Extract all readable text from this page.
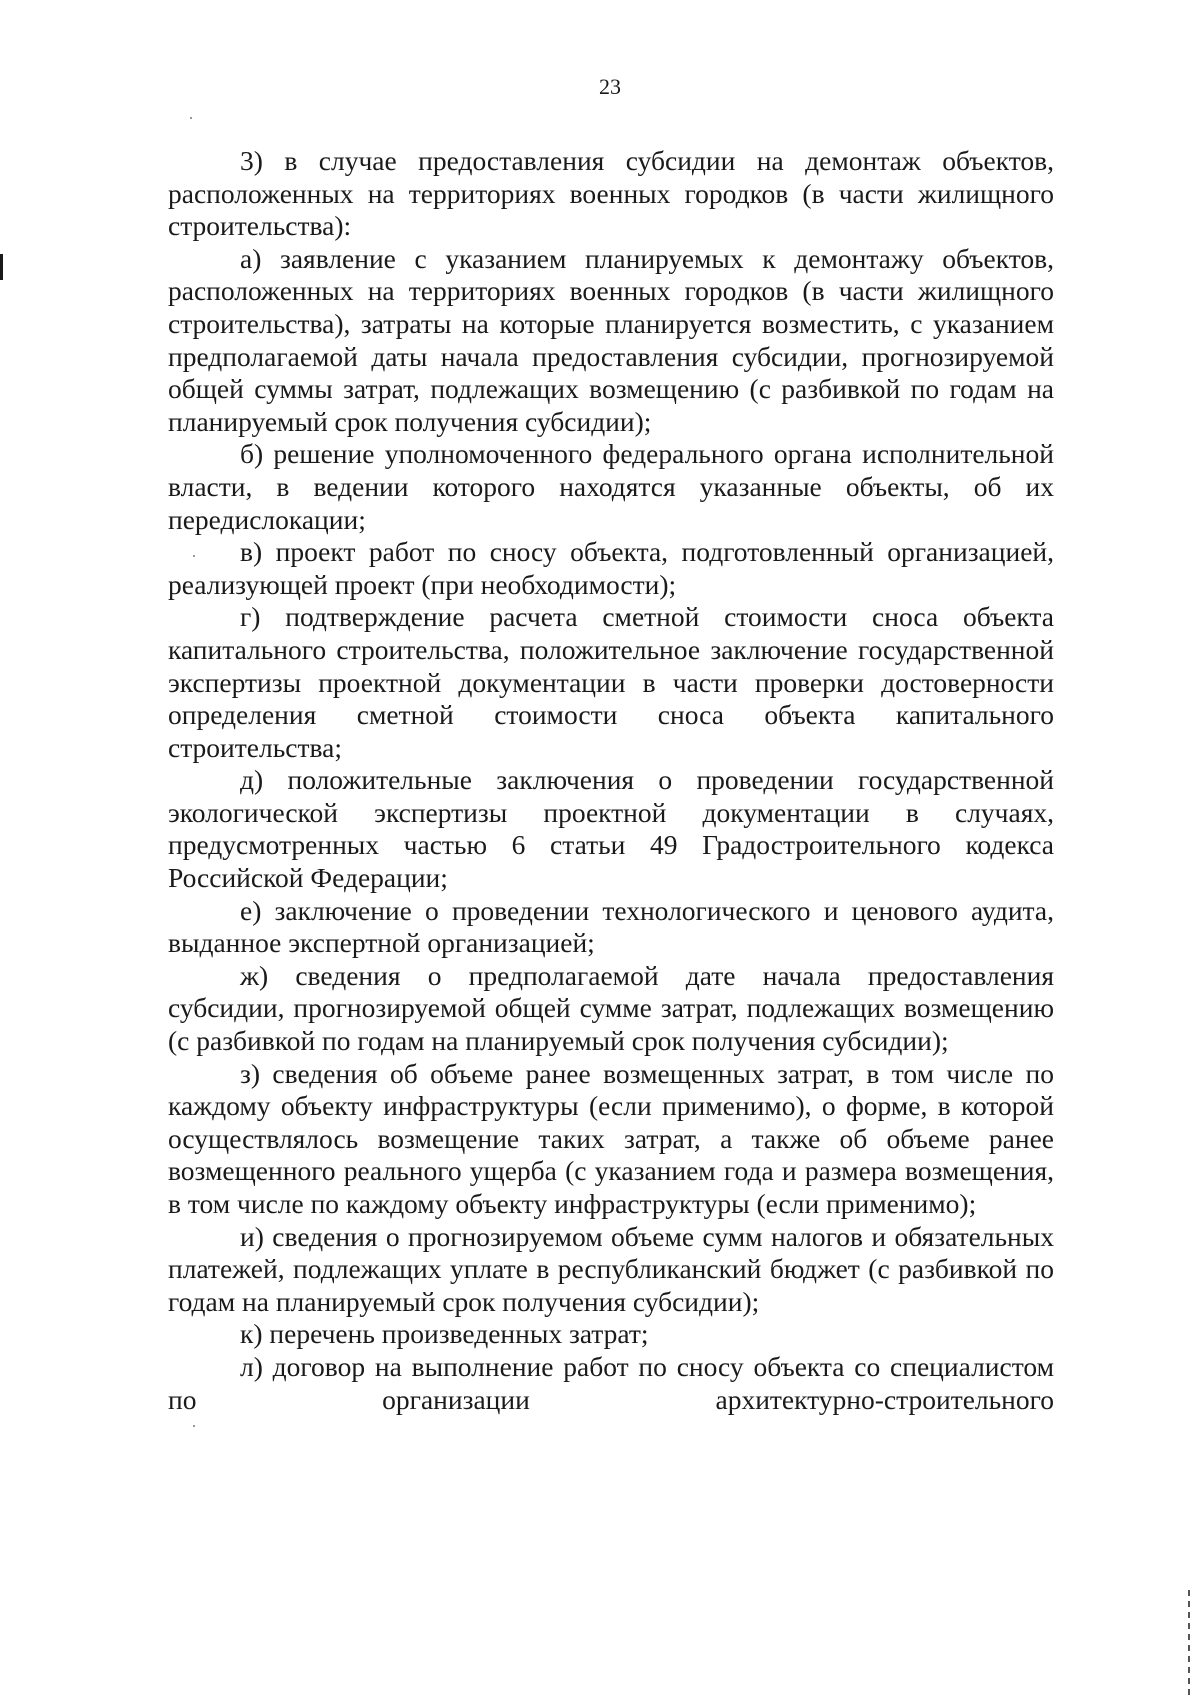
23

3) в случае предоставления субсидии на демонтаж объектов, расположенных на территориях военных городков (в части жилищного строительства):

а) заявление с указанием планируемых к демонтажу объектов, расположенных на территориях военных городков (в части жилищного строительства), затраты на которые планируется возместить, с указанием предполагаемой даты начала предоставления субсидии, прогнозируемой общей суммы затрат, подлежащих возмещению (с разбивкой по годам на планируемый срок получения субсидии);

б) решение уполномоченного федерального органа исполнительной власти, в ведении которого находятся указанные объекты, об их передислокации;

в) проект работ по сносу объекта, подготовленный организацией, реализующей проект (при необходимости);

г) подтверждение расчета сметной стоимости сноса объекта капитального строительства, положительное заключение государственной экспертизы проектной документации в части проверки достоверности определения сметной стоимости сноса объекта капитального строительства;

д) положительные заключения о проведении государственной экологической экспертизы проектной документации в случаях, предусмотренных частью 6 статьи 49 Градостроительного кодекса Российской Федерации;

е) заключение о проведении технологического и ценового аудита, выданное экспертной организацией;

ж) сведения о предполагаемой дате начала предоставления субсидии, прогнозируемой общей сумме затрат, подлежащих возмещению (с разбивкой по годам на планируемый срок получения субсидии);

з) сведения об объеме ранее возмещенных затрат, в том числе по каждому объекту инфраструктуры (если применимо), о форме, в которой осуществлялось возмещение таких затрат, а также об объеме ранее возмещенного реального ущерба (с указанием года и размера возмещения, в том числе по каждому объекту инфраструктуры (если применимо);

и) сведения о прогнозируемом объеме сумм налогов и обязательных платежей, подлежащих уплате в республиканский бюджет (с разбивкой по годам на планируемый срок получения субсидии);

к) перечень произведенных затрат;

л) договор на выполнение работ по сносу объекта со специалистом по организации архитектурно-строительного
